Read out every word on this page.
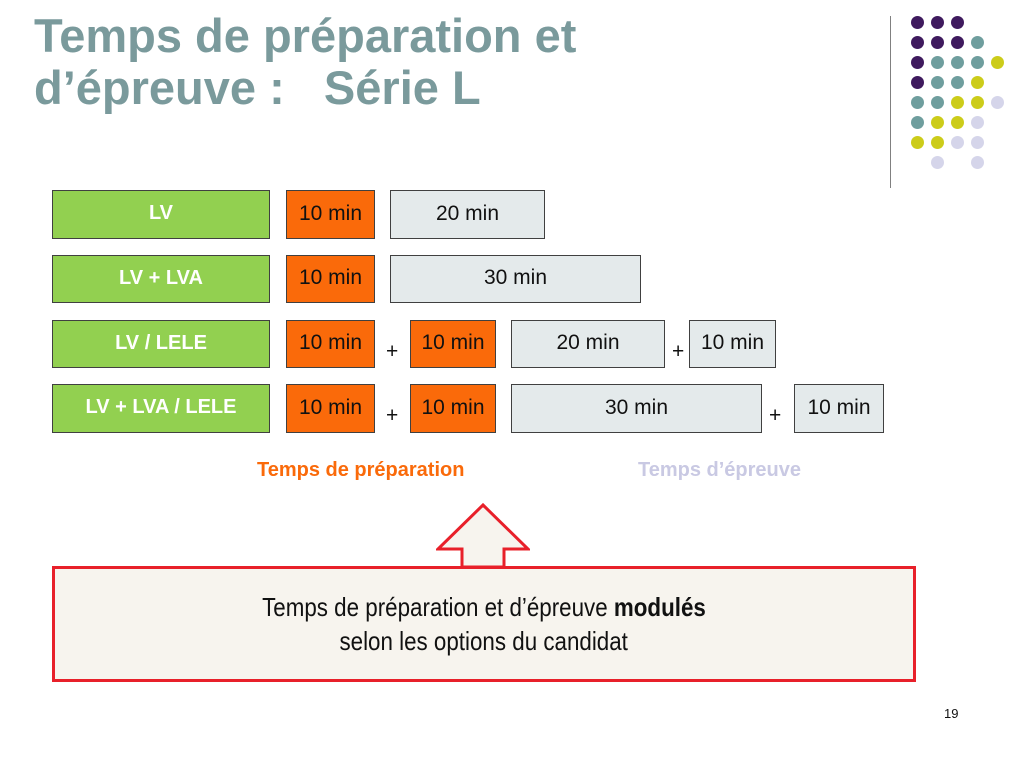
Temps de préparation et
d’épreuve :   Série L
LV	10 min	20 min
LV + LVA	10 min	30 min
LV / LELE	10 min	+	10 min	20 min	+ 10 min
LV + LVA / LELE	10 min	+	10 min	30 min	+	10 min
Temps de préparation	Temps d’épreuve
Temps de préparation et d’épreuve modulés
selon les options du candidat
19
